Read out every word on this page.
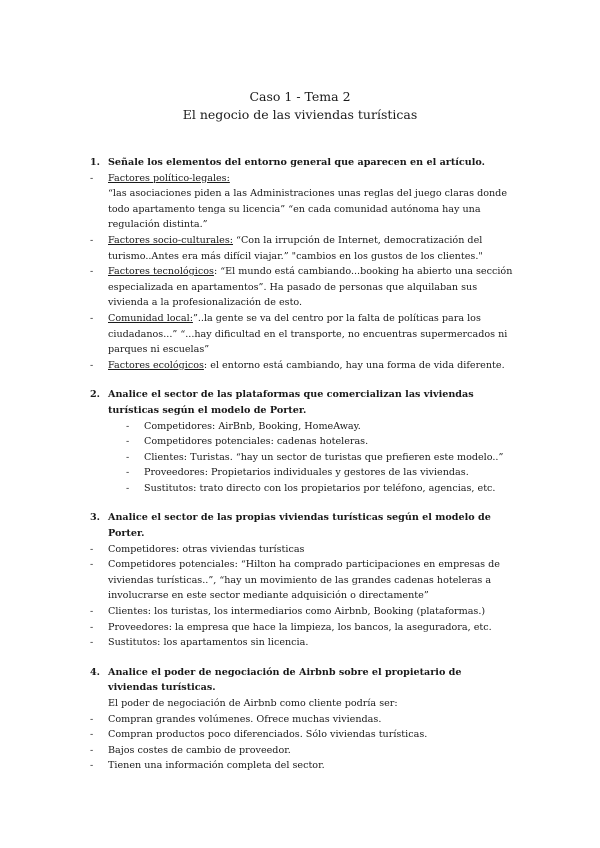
Caso 1 - Tema 2
El negocio de las viviendas turísticas
1. Señale los elementos del entorno general que aparecen en el artículo.
- Factores político-legales:
“las asociaciones piden a las Administraciones unas reglas del juego claras donde todo apartamento tenga su licencia” “en cada comunidad autónoma hay una regulación distinta.”
- Factores socio-culturales: “Con la irrupción de Internet, democratización del turismo..Antes era más difícil viajar.” "cambios en los gustos de los clientes."
- Factores tecnológicos: “El mundo está cambiando...booking ha abierto una sección especializada en apartamentos”. Ha pasado de personas que alquilaban sus vivienda a la profesionalización de esto.
- Comunidad local:”..la gente se va del centro por la falta de políticas para los ciudadanos...” “...hay dificultad en el transporte, no encuentras supermercados ni parques ni escuelas”
- Factores ecológicos: el entorno está cambiando, hay una forma de vida diferente.
2. Analice el sector de las plataformas que comercializan las viviendas turísticas según el modelo de Porter.
- Competidores: AirBnb, Booking, HomeAway.
- Competidores potenciales: cadenas hoteleras.
- Clientes: Turistas. “hay un sector de turistas que prefieren este modelo..”
- Proveedores: Propietarios individuales y gestores de las viviendas.
- Sustitutos: trato directo con los propietarios por teléfono, agencias, etc.
3. Analice el sector de las propias viviendas turísticas según el modelo de Porter.
- Competidores: otras viviendas turísticas
- Competidores potenciales: “Hilton ha comprado participaciones en empresas de viviendas turísticas..”, “hay un movimiento de las grandes cadenas hoteleras a involucrarse en este sector mediante adquisición o directamente”
- Clientes: los turistas, los intermediarios como Airbnb, Booking (plataformas.)
- Proveedores: la empresa que hace la limpieza, los bancos, la aseguradora, etc.
- Sustitutos: los apartamentos sin licencia.
4. Analice el poder de negociación de Airbnb sobre el propietario de viviendas turísticas.
El poder de negociación de Airbnb como cliente podría ser:
- Compran grandes volúmenes. Ofrece muchas viviendas.
- Compran productos poco diferenciados. Sólo viviendas turísticas.
- Bajos costes de cambio de proveedor.
- Tienen una información completa del sector.
